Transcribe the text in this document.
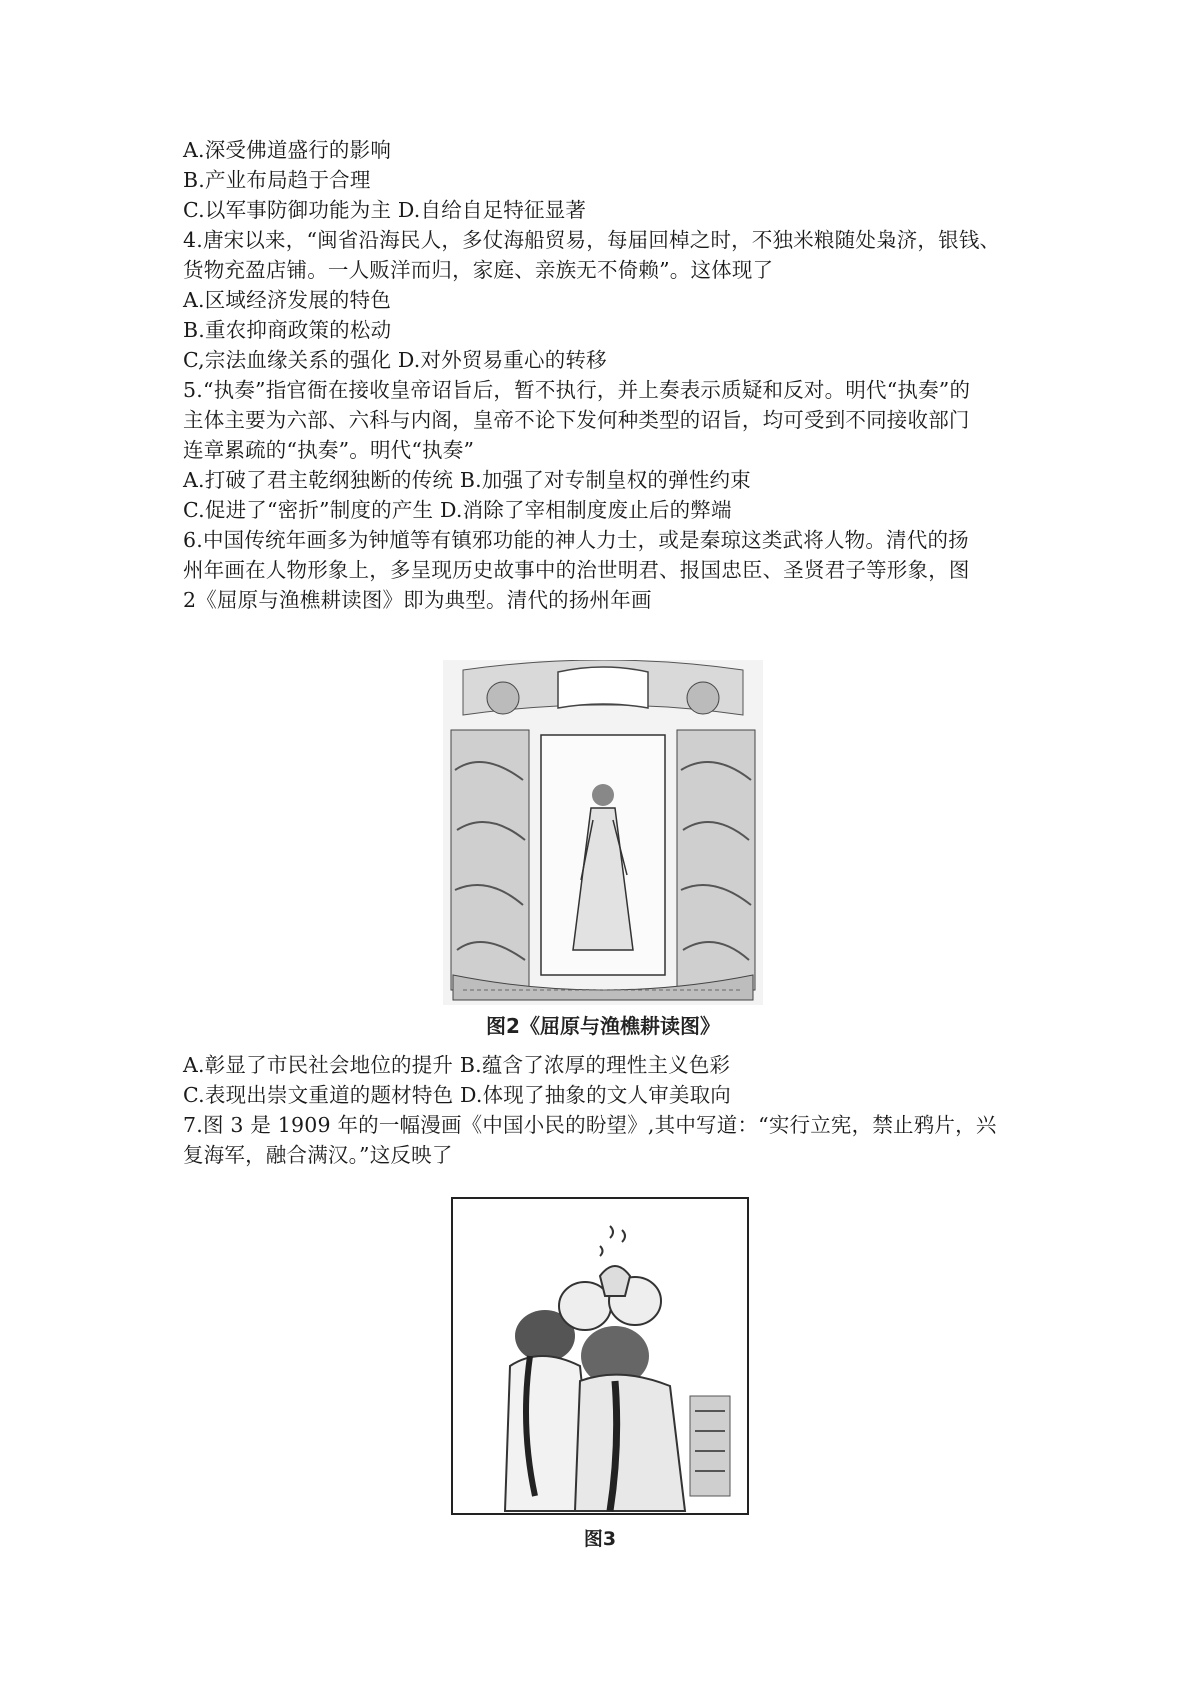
A.深受佛道盛行的影响
B.产业布局趋于合理
C.以军事防御功能为主 D.自给自足特征显著
4.唐宋以来，“闽省沿海民人，多仗海船贸易，每届回棹之时，不独米粮随处枭济，银钱、
货物充盈店铺。一人贩洋而归，家庭、亲族无不倚赖”。这体现了
A.区域经济发展的特色
B.重农抑商政策的松动
C,宗法血缘关系的强化 D.对外贸易重心的转移
5.“执奏”指官衙在接收皇帝诏旨后，暂不执行，并上奏表示质疑和反对。明代“执奏”的
主体主要为六部、六科与内阁，皇帝不论下发何种类型的诏旨，均可受到不同接收部门
连章累疏的“执奏”。明代“执奏”
A.打破了君主乾纲独断的传统 B.加强了对专制皇权的弹性约束
C.促进了“密折”制度的产生 D.消除了宰相制度废止后的弊端
6.中国传统年画多为钟馗等有镇邪功能的神人力士，或是秦琼这类武将人物。清代的扬
州年画在人物形象上，多呈现历史故事中的治世明君、报国忠臣、圣贤君子等形象，图
2《屈原与渔樵耕读图》即为典型。清代的扬州年画
图2《屈原与渔樵耕读图》
A.彰显了市民社会地位的提升 B.蕴含了浓厚的理性主义色彩
C.表现出崇文重道的题材特色 D.体现了抽象的文人审美取向
7.图 3 是 1909 年的一幅漫画《中国小民的盼望》,其中写道：“实行立宪，禁止鸦片，兴
复海军，融合满汉。”这反映了
图3
